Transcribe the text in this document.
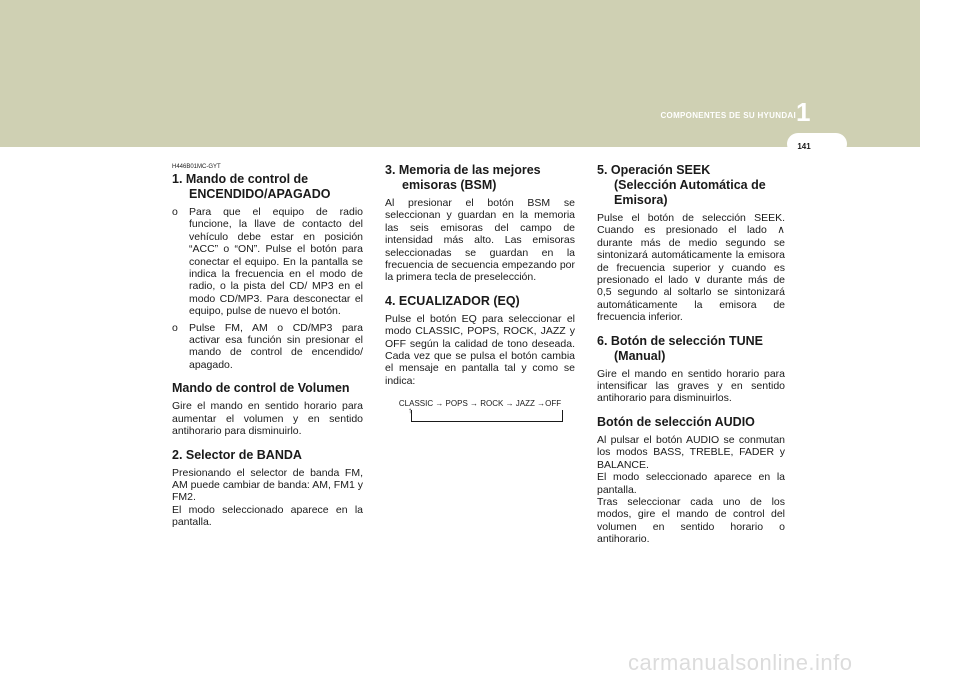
COMPONENTES DE SU HYUNDAI 1
141
H446B01MC-GYT
1. Mando de control de
ENCENDIDO/APAGADO
o Para que el equipo de radio funcione, la llave de contacto del vehículo debe estar en posición “ACC” o “ON”. Pulse el botón para conectar el equipo. En la pantalla se indica la frecuencia en el modo de radio, o la pista del CD/ MP3 en el modo CD/MP3. Para desconectar el equipo, pulse de nuevo el botón.
o Pulse FM, AM o CD/MP3 para activar esa función sin presionar el mando de control de encendido/ apagado.
Mando de control de Volumen

Gire el mando en sentido horario para aumentar el volumen y en sentido antihorario para disminuirlo.

2. Selector de BANDA

Presionando el selector de banda FM, AM puede cambiar de banda: AM, FM1 y FM2.

El modo seleccionado aparece en la pantalla.

3. Memoria de las mejores
emisoras (BSM)

Al presionar el botón BSM se seleccionan y guardan en la memoria las seis emisoras del campo de intensidad más alto. Las emisoras seleccionadas se guardan en la frecuencia de secuencia empezando por la primera tecla de preselección.

4. ECUALIZADOR (EQ)

Pulse el botón EQ para seleccionar el modo CLASSIC, POPS, ROCK, JAZZ y OFF según la calidad de tono deseada. Cada vez que se pulsa el botón cambia el mensaje en pantalla tal y como se indica:

CLASSIC → POPS → ROCK → JAZZ →OFF
↑
5. Operación SEEK
(Selección Automática de
Emisora)

Pulse el botón de selección SEEK. Cuando es presionado el lado ∧ durante más de medio segundo se sintonizará automáticamente la emisora de frecuencia superior y cuando es presionado el lado ∨ durante más de 0,5 segundo al soltarlo se sintonizará automáticamente la emisora de frecuencia inferior.

6. Botón de selección TUNE
(Manual)

Gire el mando en sentido horario para intensificar las graves y en sentido antihorario para disminuirlos.

Botón de selección AUDIO

Al pulsar el botón AUDIO se conmutan los modos BASS, TREBLE, FADER y BALANCE.

El modo seleccionado aparece en la pantalla.

Tras seleccionar cada uno de los modos, gire el mando de control del volumen en sentido horario o antihorario.

carmanualsonline.info
